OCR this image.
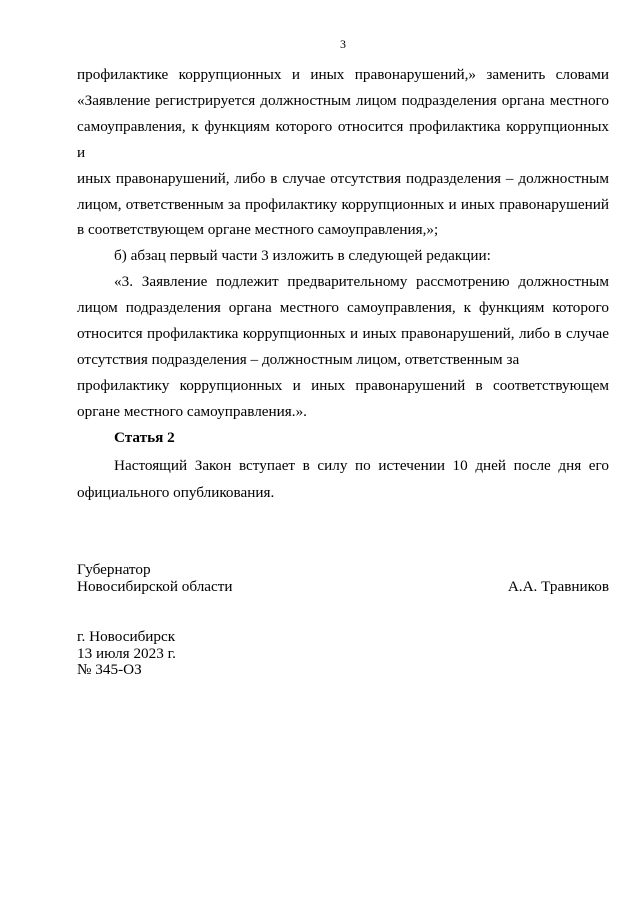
3

профилактике коррупционных и иных правонарушений,» заменить словами
«Заявление регистрируется должностным лицом подразделения органа местного
самоуправления, к функциям которого относится профилактика коррупционных и
иных правонарушений, либо в случае отсутствия подразделения – должностным
лицом, ответственным за профилактику коррупционных и иных правонарушений
в соответствующем органе местного самоуправления,»;

б) абзац первый части 3 изложить в следующей редакции:

«3. Заявление подлежит предварительному рассмотрению должностным
лицом подразделения органа местного самоуправления, к функциям которого
относится профилактика коррупционных и иных правонарушений, либо в случае
отсутствия подразделения – должностным лицом, ответственным за
профилактику коррупционных и иных правонарушений в соответствующем
органе местного самоуправления.».

Статья 2
Настоящий Закон вступает в силу по истечении 10 дней после дня его
официального опубликования.
Губернатор
Новосибирской области	А.А. Травников
г. Новосибирск
13 июля 2023 г.
№ 345-ОЗ
